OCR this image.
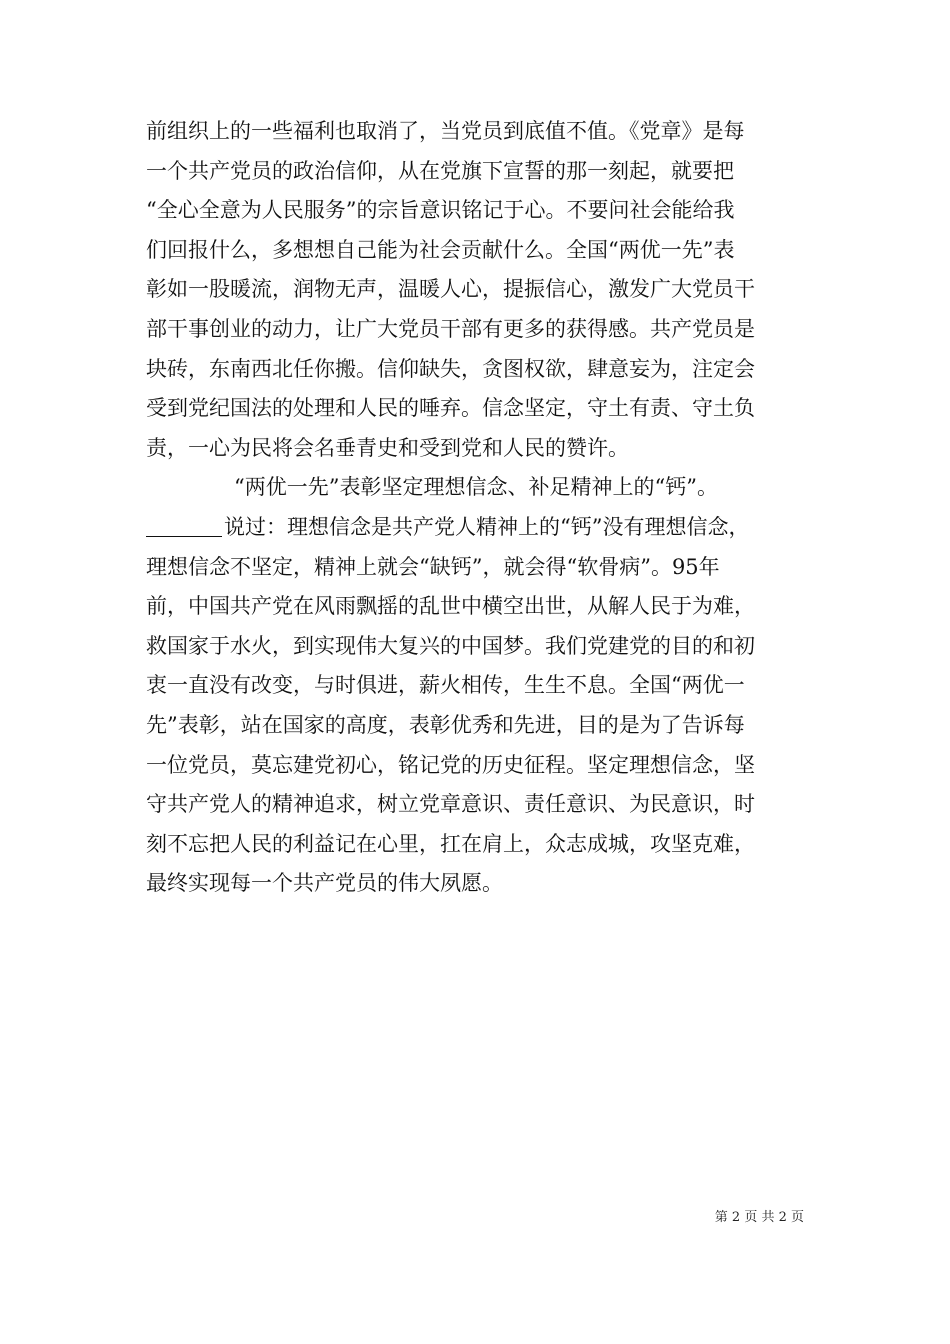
前组织上的一些福利也取消了，当党员到底值不值。《党章》是每
一个共产党员的政治信仰，从在党旗下宣誓的那一刻起，就要把
“全心全意为人民服务”的宗旨意识铭记于心。不要问社会能给我
们回报什么，多想想自己能为社会贡献什么。全国“两优一先”表
彰如一股暖流，润物无声，温暖人心，提振信心，激发广大党员干
部干事创业的动力，让广大党员干部有更多的获得感。共产党员是
块砖，东南西北任你搬。信仰缺失，贪图权欲，肆意妄为，注定会
受到党纪国法的处理和人民的唾弃。信念坚定，守土有责、守土负
责，一心为民将会名垂青史和受到党和人民的赞许。
“两优一先”表彰坚定理想信念、补足精神上的“钙”。
说过：理想信念是共产党人精神上的“钙”没有理想信念，
理想信念不坚定，精神上就会“缺钙”，就会得“软骨病”。95年
前，中国共产党在风雨飘摇的乱世中横空出世，从解人民于为难，
救国家于水火，到实现伟大复兴的中国梦。我们党建党的目的和初
衷一直没有改变，与时俱进，薪火相传，生生不息。全国“两优一
先”表彰，站在国家的高度，表彰优秀和先进，目的是为了告诉每
一位党员，莫忘建党初心，铭记党的历史征程。坚定理想信念，坚
守共产党人的精神追求，树立党章意识、责任意识、为民意识，时
刻不忘把人民的利益记在心里，扛在肩上，众志成城，攻坚克难，
最终实现每一个共产党员的伟大夙愿。
第 2 页 共 2 页
